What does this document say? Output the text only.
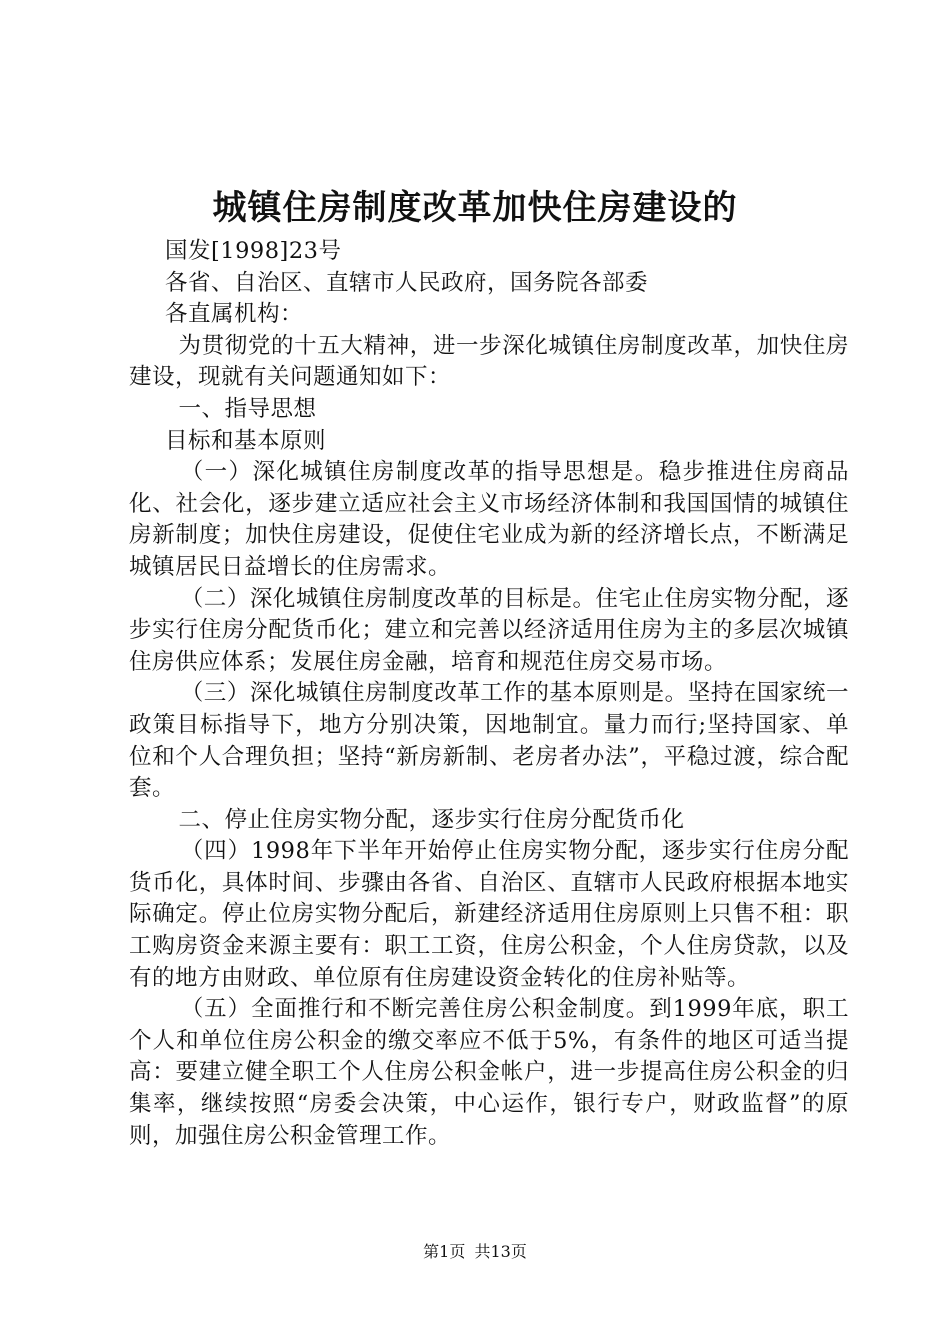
城镇住房制度改革加快住房建设的

国发[1998]23号

各省、自治区、直辖市人民政府，国务院各部委

各直属机构：

为贯彻党的十五大精神，进一步深化城镇住房制度改革，加快住房建设，现就有关问题通知如下：

一、指导思想

目标和基本原则

（一）深化城镇住房制度改革的指导思想是。稳步推进住房商品化、社会化，逐步建立适应社会主义市场经济体制和我国国情的城镇住房新制度；加快住房建设，促使住宅业成为新的经济增长点，不断满足城镇居民日益增长的住房需求。

（二）深化城镇住房制度改革的目标是。住宅止住房实物分配，逐步实行住房分配货币化；建立和完善以经济适用住房为主的多层次城镇住房供应体系；发展住房金融，培育和规范住房交易市场。

（三）深化城镇住房制度改革工作的基本原则是。坚持在国家统一政策目标指导下，地方分别决策，因地制宜。量力而行;坚持国家、单位和个人合理负担；坚持“新房新制、老房者办法”，平稳过渡，综合配套。

二、停止住房实物分配，逐步实行住房分配货币化

（四）1998年下半年开始停止住房实物分配，逐步实行住房分配货币化，具体时间、步骤由各省、自治区、直辖市人民政府根据本地实际确定。停止位房实物分配后，新建经济适用住房原则上只售不租：职工购房资金来源主要有：职工工资，住房公积金，个人住房贷款，以及有的地方由财政、单位原有住房建设资金转化的住房补贴等。

（五）全面推行和不断完善住房公积金制度。到1999年底，职工个人和单位住房公积金的缴交率应不低于5%，有条件的地区可适当提高：要建立健全职工个人住房公积金帐户，进一步提高住房公积金的归集率，继续按照“房委会决策，中心运作，银行专户，财政监督”的原则，加强住房公积金管理工作。

第1页 共13页
